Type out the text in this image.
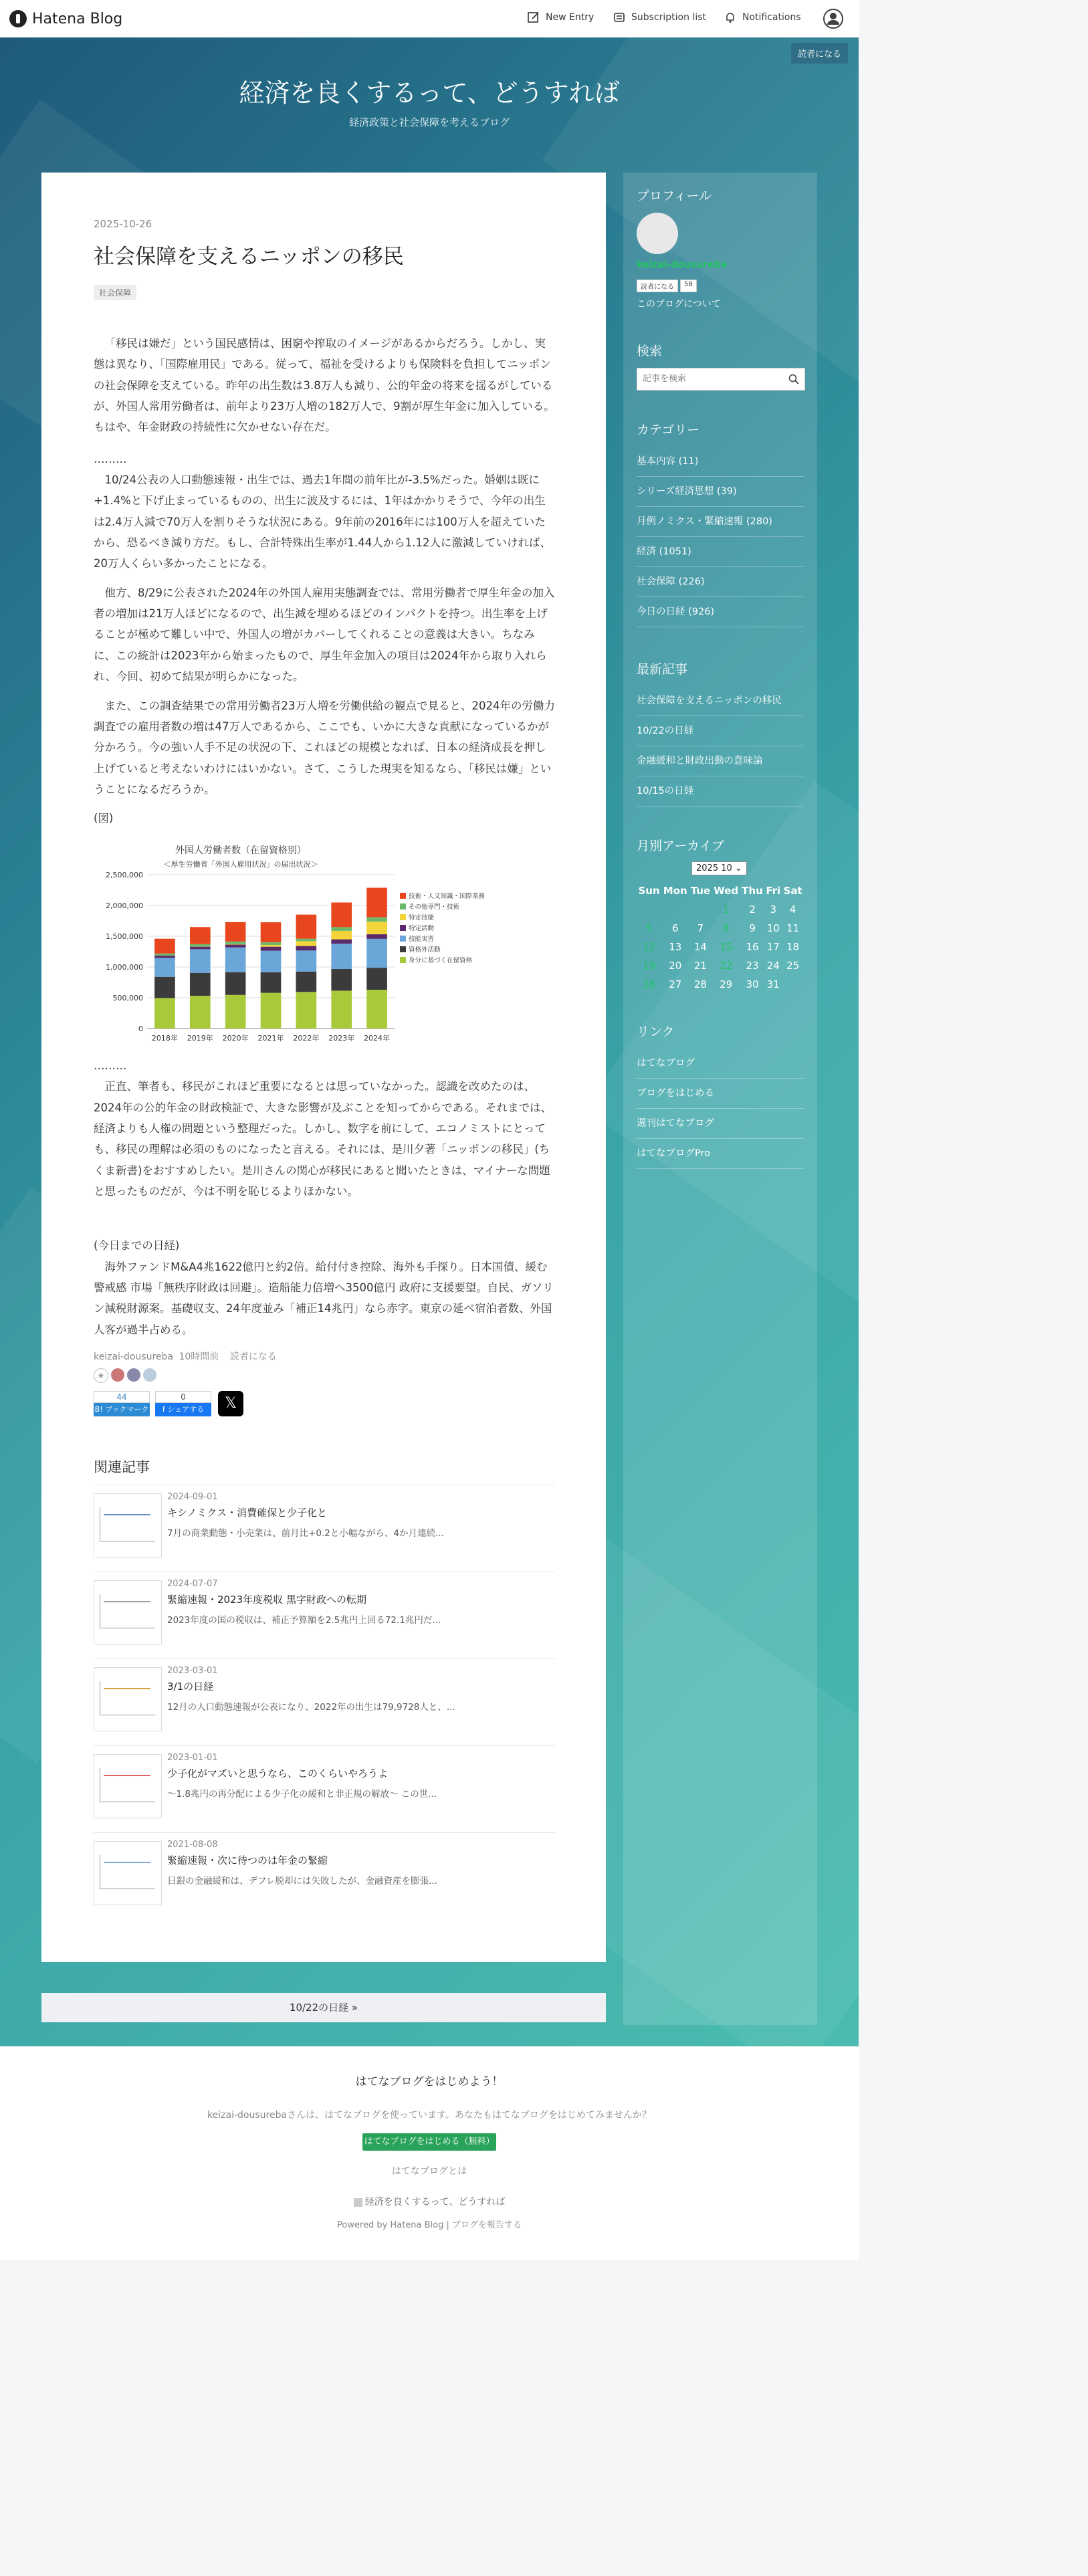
Hatena Blog	New Entry	Subscription list	Notifications
読者になる
経済を良くするって、どうすれば
経済政策と社会保障を考えるブログ
2025-10-26
社会保障を支えるニッポンの移民
社会保障

「移民は嫌だ」という国民感情は、困窮や搾取のイメージがあるからだろう。しかし、実態は異なり、「国際雇用民」である。従って、福祉を受けるよりも保険料を負担してニッポンの社会保障を支えている。昨年の出生数は3.8万人も減り、公的年金の将来を揺るがしているが、外国人常用労働者は、前年より23万人増の182万人で、9割が厚生年金に加入している。もはや、年金財政の持続性に欠かせない存在だ。

………

10/24公表の人口動態速報・出生では、過去1年間の前年比が-3.5%だった。婚姻は既に+1.4%と下げ止まっているものの、出生に波及するには、1年はかかりそうで、今年の出生は2.4万人減で70万人を割りそうな状況にある。9年前の2016年には100万人を超えていたから、恐るべき減り方だ。もし、合計特殊出生率が1.44人から1.12人に激減していければ、20万人くらい多かったことになる。

他方、8/29に公表された2024年の外国人雇用実態調査では、常用労働者で厚生年金の加入者の増加は21万人ほどになるので、出生減を埋めるほどのインパクトを持つ。出生率を上げることが極めて難しい中で、外国人の増がカバーしてくれることの意義は大きい。ちなみに、この統計は2023年から始まったもので、厚生年金加入の項目は2024年から取り入れられ、今回、初めて結果が明らかになった。

また、この調査結果での常用労働者23万人増を労働供給の観点で見ると、2024年の労働力調査での雇用者数の増は47万人であるから、ここでも、いかに大きな貢献になっているかが分かろう。今の強い人手不足の状況の下、これほどの規模となれば、日本の経済成長を押し上げていると考えないわけにはいかない。さて、こうした現実を知るなら、「移民は嫌」ということになるだろうか。

(図)

外国人労働者数（在留資格別）
＜厚生労働省「外国人雇用状況」の届出状況＞
2018年 2019年 2020年 2021年 2022年 2023年 2024年
0
500,000
1,000,000
1,500,000
2,000,000
2,500,000
技術・人文知識・国際業務
その他専門・技術
特定技能
特定活動
技能実習
資格外活動
身分に基づく在留資格

………

正直、筆者も、移民がこれほど重要になるとは思っていなかった。認識を改めたのは、2024年の公的年金の財政検証で、大きな影響が及ぶことを知ってからである。それまでは、経済よりも人権の問題という整理だった。しかし、数字を前にして、エコノミストにとっても、移民の理解は必須のものになったと言える。それには、是川夕著「ニッポンの移民」(ちくま新書)をおすすめしたい。是川さんの関心が移民にあると聞いたときは、マイナーな問題と思ったものだが、今は不明を恥じるよりほかない。

(今日までの日経)

海外ファンドM&A4兆1622億円と約2倍。給付付き控除、海外も手探り。日本国債、緩む警戒感 市場「無秩序財政は回避」。造船能力倍増へ3500億円 政府に支援要望。自民、ガソリン減税財源案。基礎収支、24年度並み「補正14兆円」なら赤字。東京の延べ宿泊者数、外国人客が過半占める。

keizai-dousureba 10時間前 読者になる
★
44
B! ブックマーク
0
f シェアする	𝕏
関連記事
2024-09-01
キシノミクス・消費確保と少子化と
7月の商業動態・小売業は、前月比+0.2と小幅ながら、4か月連続...
2024-07-07
緊縮速報・2023年度税収 黒字財政への転期
2023年度の国の税収は、補正予算額を2.5兆円上回る72.1兆円だ...
2023-03-01
3/1の日経
12月の人口動態速報が公表になり、2022年の出生は79,9728人と、...
2023-01-01
少子化がマズいと思うなら、このくらいやろうよ
〜1.8兆円の再分配による少子化の緩和と非正規の解放〜 この世...
2021-08-08
緊縮速報・次に待つのは年金の緊縮
日銀の金融緩和は、デフレ脱却には失敗したが、金融資産を膨張...
10/22の日経 »
プロフィール
keizai-dousureba
読者になる	58
このブログについて
検索
記事を検索
カテゴリー
基本内容 (11)
シリーズ経済思想 (39)
月例ノミクス・緊縮速報 (280)
経済 (1051)
社会保障 (226)
今日の日経 (926)
最新記事
社会保障を支えるニッポンの移民
10/22の日経
金融緩和と財政出動の意味論
10/15の日経
月別アーカイブ
2025 10 ⌄
Sun	Mon	Tue	Wed	Thu	Fri	Sat
			1	2	3	4
5	6	7	8	9	10	11
12	13	14	15	16	17	18
19	20	21	22	23	24	25
26	27	28	29	30	31	
リンク
はてなブログ
ブログをはじめる
週刊はてなブログ
はてなブログPro
はてなブログをはじめよう！
keizai-dousurebaさんは、はてなブログを使っています。あなたもはてなブログをはじめてみませんか？
はてなブログをはじめる（無料）
はてなブログとは
経済を良くするって、どうすれば
Powered by Hatena Blog | ブログを報告する
